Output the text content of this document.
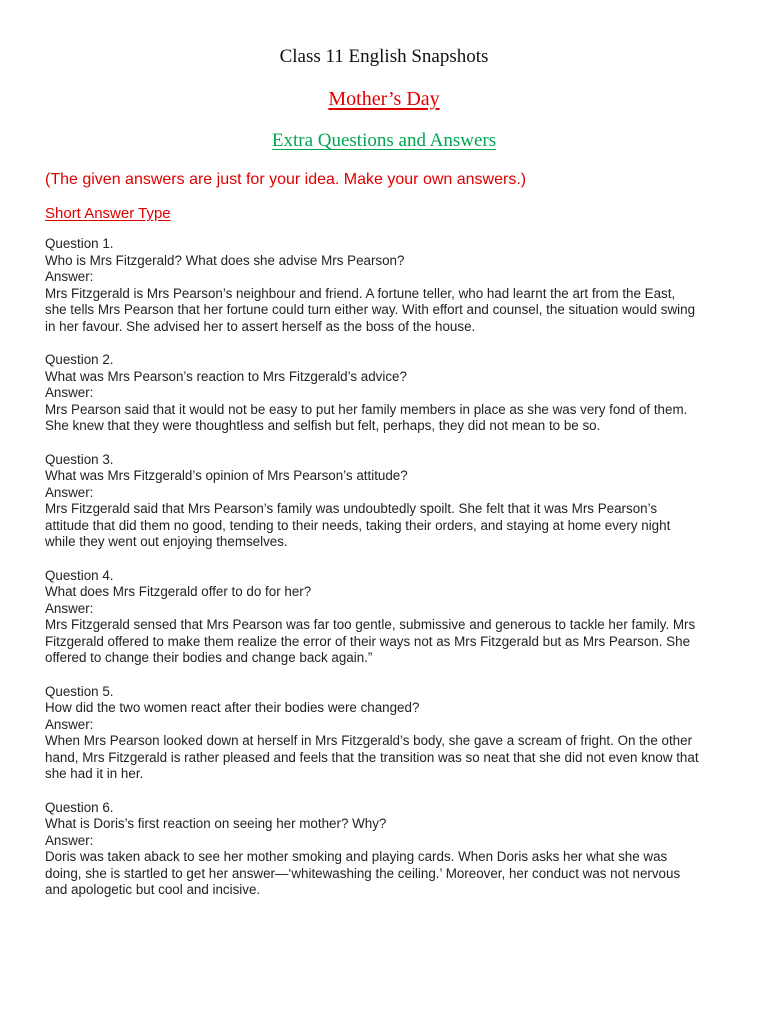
Class 11 English Snapshots
Mother’s Day
Extra Questions and Answers
(The given answers are just for your idea. Make your own answers.)
Short Answer Type
Question 1.
Who is Mrs Fitzgerald? What does she advise Mrs Pearson?
Answer:
Mrs Fitzgerald is Mrs Pearson’s neighbour and friend. A fortune teller, who had learnt the art from the East,
she tells Mrs Pearson that her fortune could turn either way. With effort and counsel, the situation would swing
in her favour. She advised her to assert herself as the boss of the house.
Question 2.
What was Mrs Pearson’s reaction to Mrs Fitzgerald’s advice?
Answer:
Mrs Pearson said that it would not be easy to put her family members in place as she was very fond of them.
She knew that they were thoughtless and selfish but felt, perhaps, they did not mean to be so.
Question 3.
What was Mrs Fitzgerald’s opinion of Mrs Pearson’s attitude?
Answer:
Mrs Fitzgerald said that Mrs Pearson’s family was undoubtedly spoilt. She felt that it was Mrs Pearson’s
attitude that did them no good, tending to their needs, taking their orders, and staying at home every night
while they went out enjoying themselves.
Question 4.
What does Mrs Fitzgerald offer to do for her?
Answer:
Mrs Fitzgerald sensed that Mrs Pearson was far too gentle, submissive and generous to tackle her family. Mrs
Fitzgerald offered to make them realize the error of their ways not as Mrs Fitzgerald but as Mrs Pearson. She
offered to change their bodies and change back again.”
Question 5.
How did the two women react after their bodies were changed?
Answer:
When Mrs Pearson looked down at herself in Mrs Fitzgerald’s body, she gave a scream of fright. On the other
hand, Mrs Fitzgerald is rather pleased and feels that the transition was so neat that she did not even know that
she had it in her.
Question 6.
What is Doris’s first reaction on seeing her mother? Why?
Answer:
Doris was taken aback to see her mother smoking and playing cards. When Doris asks her what she was
doing, she is startled to get her answer—‘whitewashing the ceiling.’ Moreover, her conduct was not nervous
and apologetic but cool and incisive.
